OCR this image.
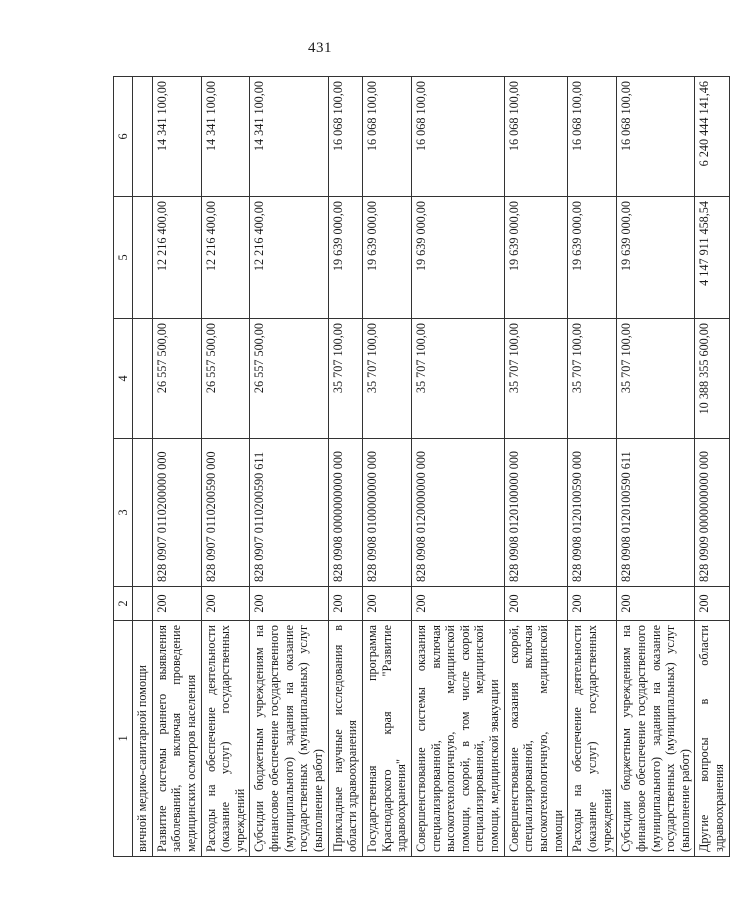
431
1	2	3	4	5	6
вичной медико-санитарной помощи					
Развитие системы раннего выявления заболеваний, включая проведение медицинских осмотров населения	200	828 0907 0110200000 000	26 557 500,00	12 216 400,00	14 341 100,00
Расходы на обеспечение деятельности (оказание услуг) государственных учреждений	200	828 0907 0110200590 000	26 557 500,00	12 216 400,00	14 341 100,00
Субсидии бюджетным учреждениям на финансовое обеспечение государственного (муниципального) задания на оказание государственных (муниципальных) услуг (выполнение работ)	200	828 0907 0110200590 611	26 557 500,00	12 216 400,00	14 341 100,00
Прикладные научные исследования в области здравоохранения	200	828 0908 0000000000 000	35 707 100,00	19 639 000,00	16 068 100,00
Государственная программа Краснодарского края "Развитие здравоохранения"	200	828 0908 0100000000 000	35 707 100,00	19 639 000,00	16 068 100,00
Совершенствование системы оказания специализированной, включая высокотехнологичную, медицинской помощи, скорой, в том числе скорой специализированной, медицинской помощи, медицинской эвакуации	200	828 0908 0120000000 000	35 707 100,00	19 639 000,00	16 068 100,00
Совершенствование оказания скорой, специализированной, включая высокотехнологичную, медицинской помощи	200	828 0908 0120100000 000	35 707 100,00	19 639 000,00	16 068 100,00
Расходы на обеспечение деятельности (оказание услуг) государственных учреждений	200	828 0908 0120100590 000	35 707 100,00	19 639 000,00	16 068 100,00
Субсидии бюджетным учреждениям на финансовое обеспечение государственного (муниципального) задания на оказание государственных (муниципальных) услуг (выполнение работ)	200	828 0908 0120100590 611	35 707 100,00	19 639 000,00	16 068 100,00
Другие вопросы в области здравоохранения	200	828 0909 0000000000 000	10 388 355 600,00	4 147 911 458,54	6 240 444 141,46
